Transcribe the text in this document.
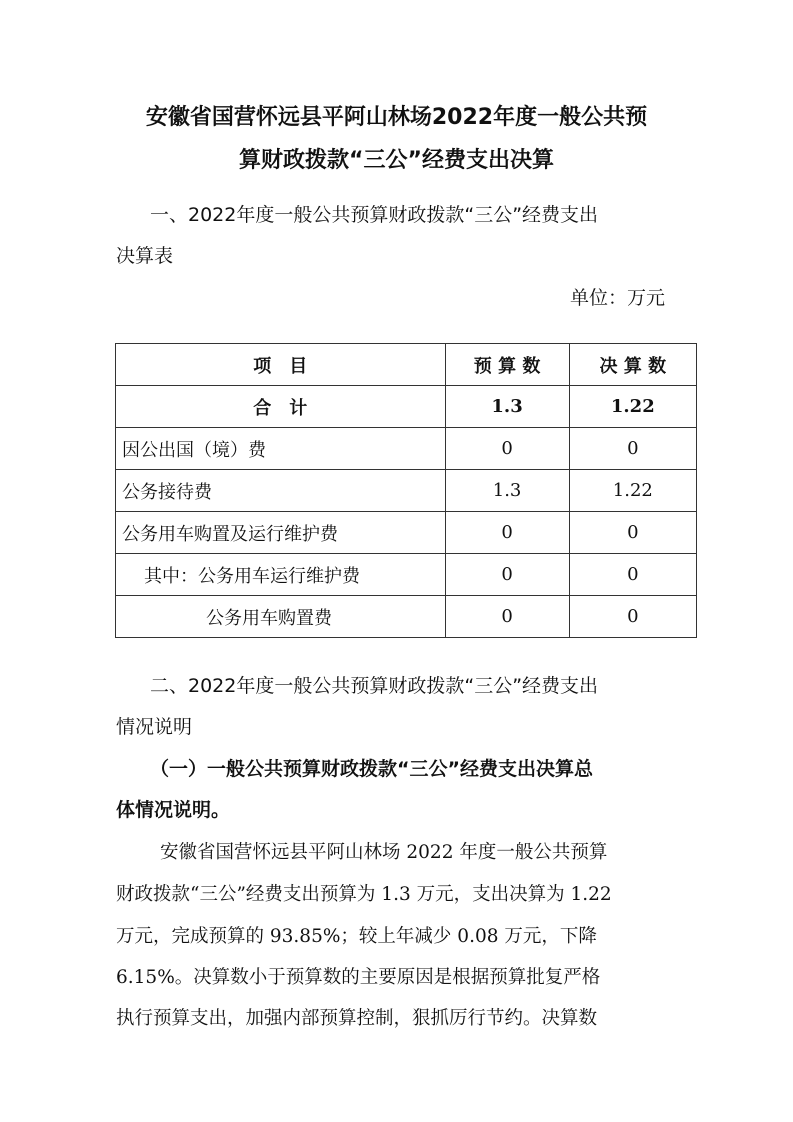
安徽省国营怀远县平阿山林场2022年度一般公共预
算财政拨款“三公”经费支出决算
一、2022年度一般公共预算财政拨款“三公”经费支出
决算表
单位：万元
项　目	预 算 数	决 算 数
合　计	1.3	1.22
因公出国（境）费	0	0
公务接待费	1.3	1.22
公务用车购置及运行维护费	0	0
其中：公务用车运行维护费	0	0
公务用车购置费	0	0
二、2022年度一般公共预算财政拨款“三公”经费支出
情况说明
（一）一般公共预算财政拨款“三公”经费支出决算总
体情况说明。
安徽省国营怀远县平阿山林场 2022 年度一般公共预算
财政拨款“三公”经费支出预算为 1.3 万元，支出决算为 1.22
万元，完成预算的 93.85%；较上年减少 0.08 万元，下降
6.15%。决算数小于预算数的主要原因是根据预算批复严格
执行预算支出，加强内部预算控制，狠抓厉行节约。决算数
